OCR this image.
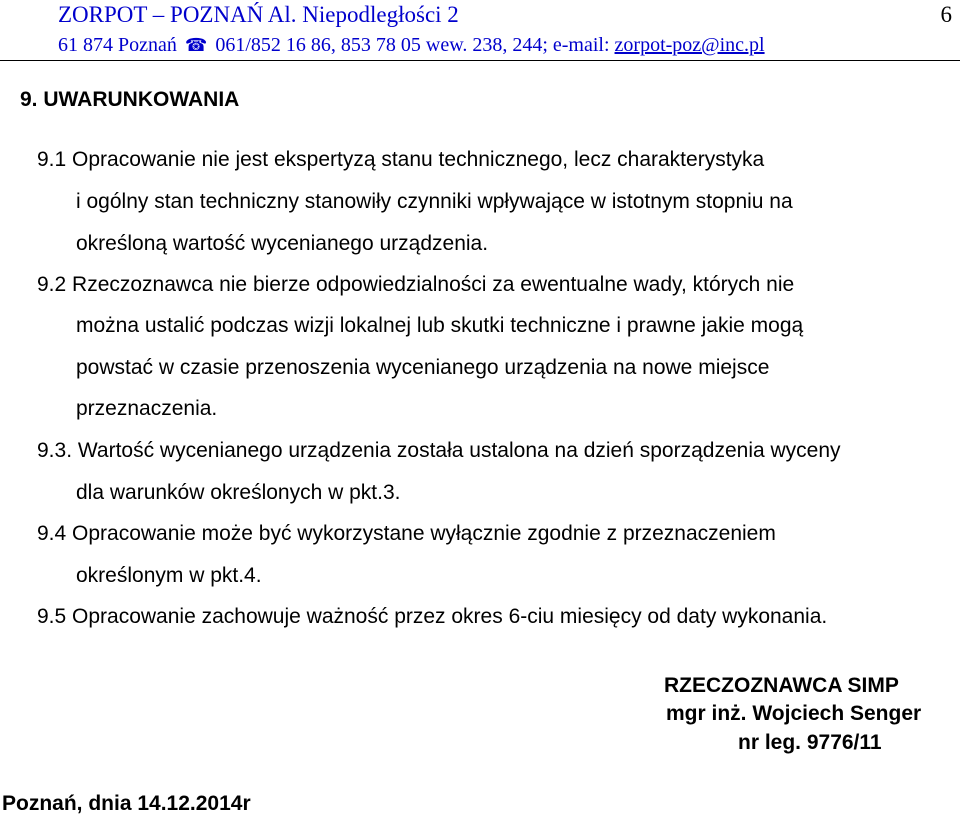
ZORPOT – POZNAŃ Al. Niepodległości 2
61 874 Poznań ☎ 061/852 16 86, 853 78 05 wew. 238, 244; e-mail: zorpot-poz@inc.pl
6
9. UWARUNKOWANIA
9.1 Opracowanie nie jest ekspertyzą stanu technicznego, lecz charakterystyka
i ogólny stan techniczny stanowiły czynniki wpływające w istotnym stopniu na
określoną wartość wycenianego urządzenia.
9.2 Rzeczoznawca nie bierze odpowiedzialności za ewentualne wady, których nie
można ustalić podczas wizji lokalnej lub skutki techniczne i prawne jakie mogą
powstać w czasie przenoszenia wycenianego urządzenia na nowe miejsce
przeznaczenia.
9.3. Wartość wycenianego urządzenia została ustalona na dzień sporządzenia wyceny
dla warunków określonych w pkt.3.
9.4 Opracowanie może być wykorzystane wyłącznie zgodnie z przeznaczeniem
określonym w pkt.4.
9.5 Opracowanie zachowuje ważność przez okres 6-ciu miesięcy od daty wykonania.
RZECZOZNAWCA SIMP
mgr inż. Wojciech Senger
nr leg. 9776/11
Poznań, dnia 14.12.2014r
